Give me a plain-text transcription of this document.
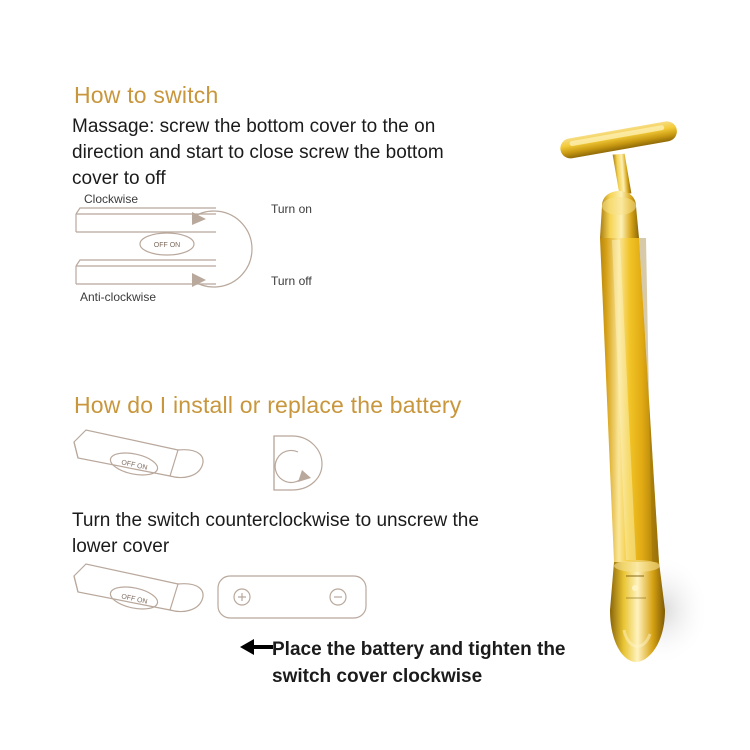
How to switch
Massage: screw the bottom cover to the on direction and start to close screw the bottom cover to off
OFF ON
Clockwise
Anti-clockwise
Turn on
Turn off
How do I install or replace the battery
OFF ON
Turn the switch counterclockwise to unscrew the lower cover
OFF ON
Place the battery and tighten the switch cover clockwise
